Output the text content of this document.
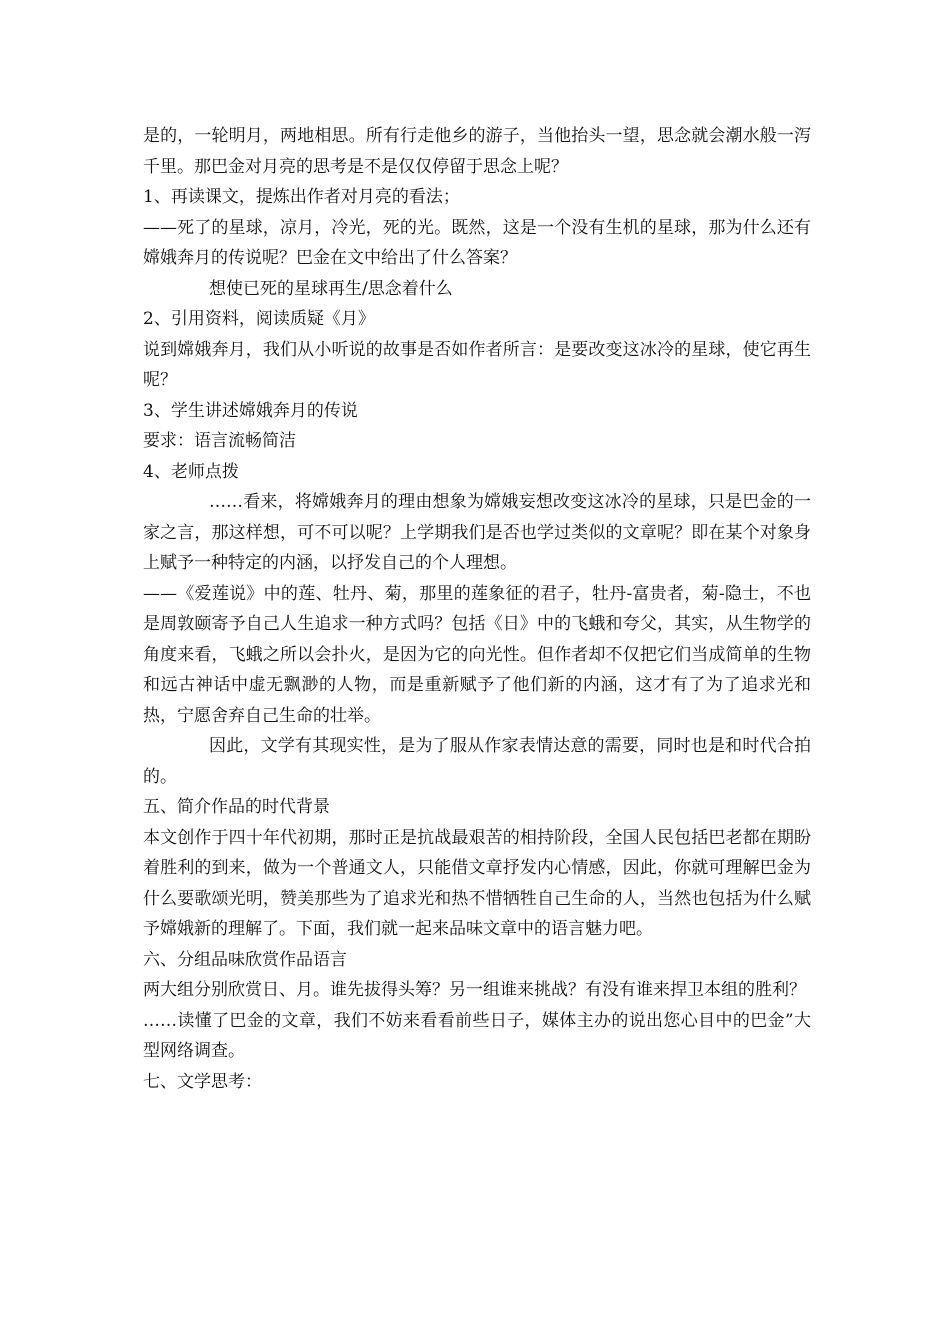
是的，一轮明月，两地相思。所有行走他乡的游子，当他抬头一望，思念就会潮水般一泻千里。那巴金对月亮的思考是不是仅仅停留于思念上呢？

1、再读课文，提炼出作者对月亮的看法；

——死了的星球，凉月，冷光，死的光。既然，这是一个没有生机的星球，那为什么还有嫦娥奔月的传说呢？巴金在文中给出了什么答案？

想使已死的星球再生/思念着什么

2、引用资料，阅读质疑《月》

说到嫦娥奔月，我们从小听说的故事是否如作者所言：是要改变这冰冷的星球，使它再生呢？

3、学生讲述嫦娥奔月的传说

要求：语言流畅简洁

4、老师点拨

……看来，将嫦娥奔月的理由想象为嫦娥妄想改变这冰冷的星球，只是巴金的一家之言，那这样想，可不可以呢？上学期我们是否也学过类似的文章呢？即在某个对象身上赋予一种特定的内涵，以抒发自己的个人理想。

——《爱莲说》中的莲、牡丹、菊，那里的莲象征的君子，牡丹-富贵者，菊-隐士，不也是周敦颐寄予自己人生追求一种方式吗？包括《日》中的飞蛾和夸父，其实，从生物学的角度来看，飞蛾之所以会扑火，是因为它的向光性。但作者却不仅把它们当成简单的生物和远古神话中虚无飘渺的人物，而是重新赋予了他们新的内涵，这才有了为了追求光和热，宁愿舍弃自己生命的壮举。

因此，文学有其现实性，是为了服从作家表情达意的需要，同时也是和时代合拍的。

五、简介作品的时代背景

本文创作于四十年代初期，那时正是抗战最艰苦的相持阶段，全国人民包括巴老都在期盼着胜利的到来，做为一个普通文人，只能借文章抒发内心情感，因此，你就可理解巴金为什么要歌颂光明，赞美那些为了追求光和热不惜牺牲自己生命的人，当然也包括为什么赋予嫦娥新的理解了。下面，我们就一起来品味文章中的语言魅力吧。

六、分组品味欣赏作品语言

两大组分别欣赏日、月。谁先拔得头筹？另一组谁来挑战？有没有谁来捍卫本组的胜利？

……读懂了巴金的文章，我们不妨来看看前些日子，媒体主办的说出您心目中的巴金”大型网络调查。

七、文学思考：
